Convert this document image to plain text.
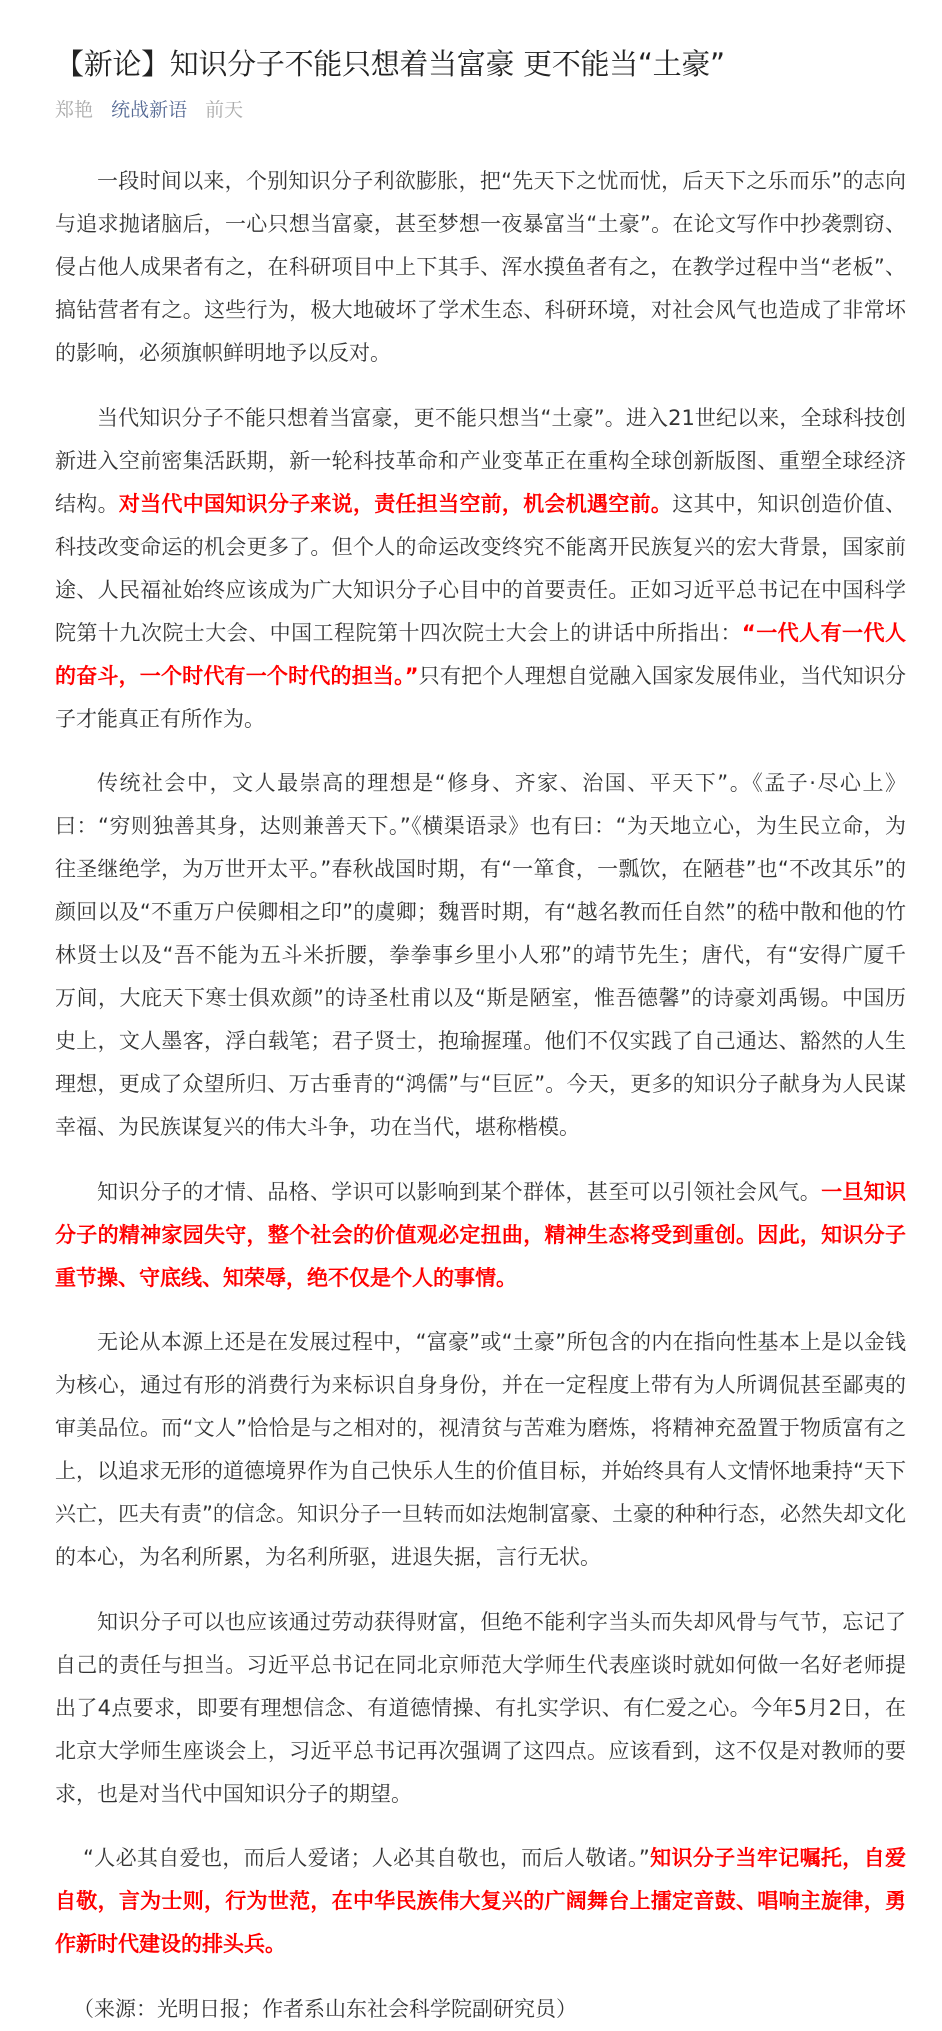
【新论】知识分子不能只想着当富豪 更不能当“土豪”
郑艳 统战新语 前天

一段时间以来，个别知识分子利欲膨胀，把“先天下之忧而忧，后天下之乐而乐”的志向与追求抛诸脑后，一心只想当富豪，甚至梦想一夜暴富当“土豪”。在论文写作中抄袭剽窃、侵占他人成果者有之，在科研项目中上下其手、浑水摸鱼者有之，在教学过程中当“老板”、搞钻营者有之。这些行为，极大地破坏了学术生态、科研环境，对社会风气也造成了非常坏的影响，必须旗帜鲜明地予以反对。

当代知识分子不能只想着当富豪，更不能只想当“土豪”。进入21世纪以来，全球科技创新进入空前密集活跃期，新一轮科技革命和产业变革正在重构全球创新版图、重塑全球经济结构。对当代中国知识分子来说，责任担当空前，机会机遇空前。这其中，知识创造价值、科技改变命运的机会更多了。但个人的命运改变终究不能离开民族复兴的宏大背景，国家前途、人民福祉始终应该成为广大知识分子心目中的首要责任。正如习近平总书记在中国科学院第十九次院士大会、中国工程院第十四次院士大会上的讲话中所指出：“一代人有一代人的奋斗，一个时代有一个时代的担当。”只有把个人理想自觉融入国家发展伟业，当代知识分子才能真正有所作为。

传统社会中，文人最崇高的理想是“修身、齐家、治国、平天下”。《孟子·尽心上》曰：“穷则独善其身，达则兼善天下。”《横渠语录》也有曰：“为天地立心，为生民立命，为往圣继绝学，为万世开太平。”春秋战国时期，有“一箪食，一瓢饮，在陋巷”也“不改其乐”的颜回以及“不重万户侯卿相之印”的虞卿；魏晋时期，有“越名教而任自然”的嵇中散和他的竹林贤士以及“吾不能为五斗米折腰，拳拳事乡里小人邪”的靖节先生；唐代，有“安得广厦千万间，大庇天下寒士俱欢颜”的诗圣杜甫以及“斯是陋室，惟吾德馨”的诗豪刘禹锡。中国历史上，文人墨客，浮白载笔；君子贤士，抱瑜握瑾。他们不仅实践了自己通达、豁然的人生理想，更成了众望所归、万古垂青的“鸿儒”与“巨匠”。今天，更多的知识分子献身为人民谋幸福、为民族谋复兴的伟大斗争，功在当代，堪称楷模。

知识分子的才情、品格、学识可以影响到某个群体，甚至可以引领社会风气。一旦知识分子的精神家园失守，整个社会的价值观必定扭曲，精神生态将受到重创。因此，知识分子重节操、守底线、知荣辱，绝不仅是个人的事情。

无论从本源上还是在发展过程中，“富豪”或“土豪”所包含的内在指向性基本上是以金钱为核心，通过有形的消费行为来标识自身身份，并在一定程度上带有为人所调侃甚至鄙夷的审美品位。而“文人”恰恰是与之相对的，视清贫与苦难为磨炼，将精神充盈置于物质富有之上，以追求无形的道德境界作为自己快乐人生的价值目标，并始终具有人文情怀地秉持“天下兴亡，匹夫有责”的信念。知识分子一旦转而如法炮制富豪、土豪的种种行态，必然失却文化的本心，为名利所累，为名利所驱，进退失据，言行无状。

知识分子可以也应该通过劳动获得财富，但绝不能利字当头而失却风骨与气节，忘记了自己的责任与担当。习近平总书记在同北京师范大学师生代表座谈时就如何做一名好老师提出了4点要求，即要有理想信念、有道德情操、有扎实学识、有仁爱之心。今年5月2日，在北京大学师生座谈会上，习近平总书记再次强调了这四点。应该看到，这不仅是对教师的要求，也是对当代中国知识分子的期望。

“人必其自爱也，而后人爱诸；人必其自敬也，而后人敬诸。”知识分子当牢记嘱托，自爱自敬，言为士则，行为世范，在中华民族伟大复兴的广阔舞台上擂定音鼓、唱响主旋律，勇作新时代建设的排头兵。

（来源：光明日报；作者系山东社会科学院副研究员）
